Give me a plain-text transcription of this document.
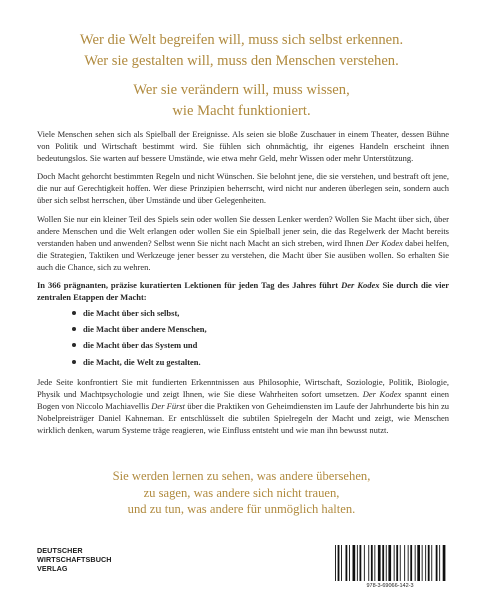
Wer die Welt begreifen will, muss sich selbst erkennen.
Wer sie gestalten will, muss den Menschen verstehen.
Wer sie verändern will, muss wissen,
wie Macht funktioniert.

Viele Menschen sehen sich als Spielball der Ereignisse. Als seien sie bloße Zuschauer in einem Theater, dessen Bühne von Politik und Wirtschaft bestimmt wird. Sie fühlen sich ohnmächtig, ihr eigenes Handeln erscheint ihnen bedeutungslos. Sie warten auf bessere Umstände, wie etwa mehr Geld, mehr Wissen oder mehr Unterstützung.

Doch Macht gehorcht bestimmten Regeln und nicht Wünschen. Sie belohnt jene, die sie verstehen, und bestraft oft jene, die nur auf Gerechtigkeit hoffen. Wer diese Prinzipien beherrscht, wird nicht nur anderen überlegen sein, sondern auch über sich selbst herrschen, über Umstände und über Gelegenheiten.

Wollen Sie nur ein kleiner Teil des Spiels sein oder wollen Sie dessen Lenker werden? Wollen Sie Macht über sich, über andere Menschen und die Welt erlangen oder wollen Sie ein Spielball jener sein, die das Regelwerk der Macht bereits verstanden haben und anwenden? Selbst wenn Sie nicht nach Macht an sich streben, wird Ihnen Der Kodex dabei helfen, die Strategien, Taktiken und Werkzeuge jener besser zu verstehen, die Macht über Sie ausüben wollen. So erhalten Sie auch die Chance, sich zu wehren.

In 366 prägnanten, präzise kuratierten Lektionen für jeden Tag des Jahres führt Der Kodex Sie durch die vier zentralen Etappen der Macht:

die Macht über sich selbst,
die Macht über andere Menschen,
die Macht über das System und
die Macht, die Welt zu gestalten.

Jede Seite konfrontiert Sie mit fundierten Erkenntnissen aus Philosophie, Wirtschaft, Soziologie, Politik, Biologie, Physik und Machtpsychologie und zeigt Ihnen, wie Sie diese Wahrheiten sofort umsetzen. Der Kodex spannt einen Bogen von Niccolo Machiavellis Der Fürst über die Praktiken von Geheimdiensten im Laufe der Jahrhunderte bis hin zu Nobelpreisträger Daniel Kahneman. Er entschlüsselt die subtilen Spielregeln der Macht und zeigt, wie Menschen wirklich denken, warum Systeme träge reagieren, wie Einfluss entsteht und wie man ihn bewusst nutzt.

Sie werden lernen zu sehen, was andere übersehen,
zu sagen, was andere sich nicht trauen,
und zu tun, was andere für unmöglich halten.
DEUTSCHER
WIRTSCHAFTSBUCH
VERLAG
978-3-69066-142-3
